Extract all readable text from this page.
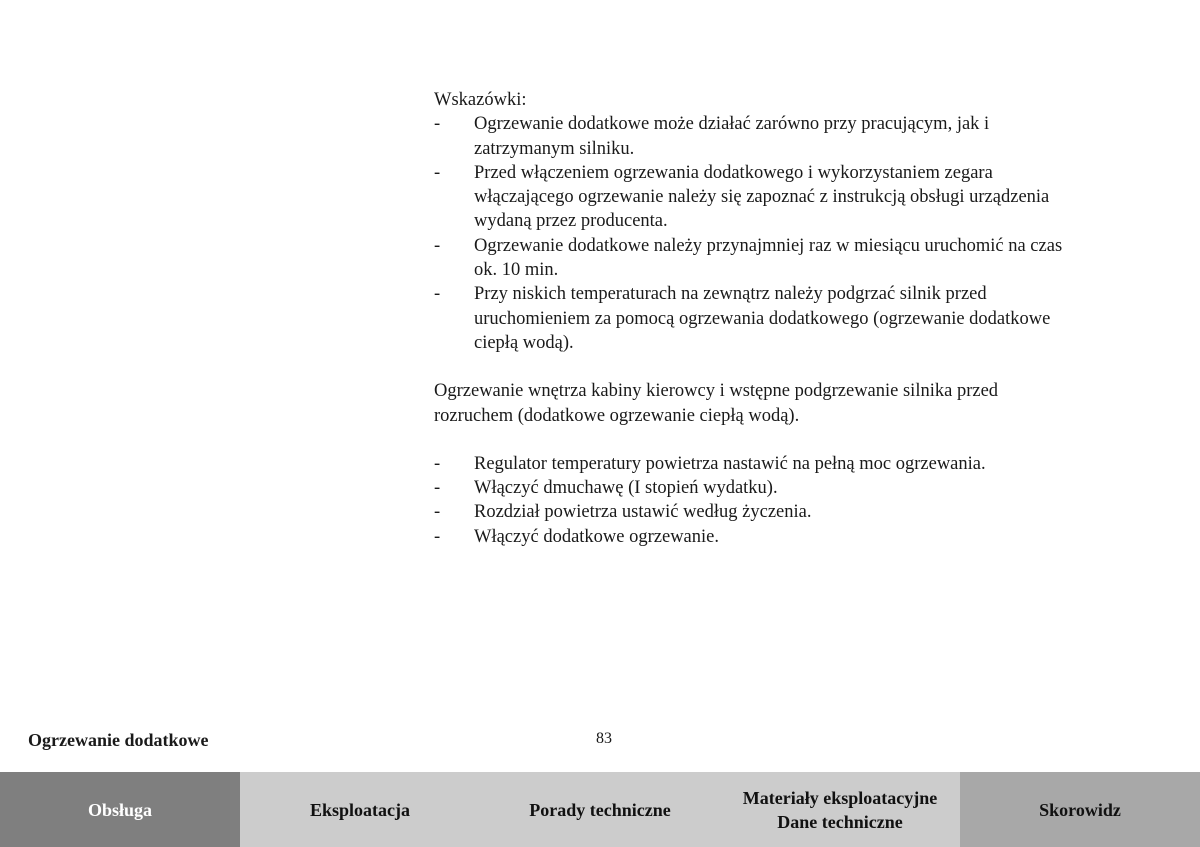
Wskazówki:

- Ogrzewanie dodatkowe może działać zarówno przy pracującym, jak i zatrzymanym silniku.
- Przed włączeniem ogrzewania dodatkowego i wykorzystaniem zegara włączającego ogrzewanie należy się zapoznać z instrukcją obsługi urządzenia wydaną przez producenta.
- Ogrzewanie dodatkowe należy przynajmniej raz w miesiącu uruchomić na czas ok. 10 min.
- Przy niskich temperaturach na zewnątrz należy podgrzać silnik przed uruchomieniem za pomocą ogrzewania dodatkowego (ogrzewanie dodatkowe ciepłą wodą).

Ogrzewanie wnętrza kabiny kierowcy i wstępne podgrzewanie silnika przed rozruchem (dodatkowe ogrzewanie ciepłą wodą).

- Regulator temperatury powietrza nastawić na pełną moc ogrzewania.
- Włączyć dmuchawę (I stopień wydatku).
- Rozdział powietrza ustawić według życzenia.
- Włączyć dodatkowe ogrzewanie.
Ogrzewanie dodatkowe	83
Obsługa	Eksploatacja	Porady techniczne
Materiały eksploatacyjne
Dane techniczne
Skorowidz
